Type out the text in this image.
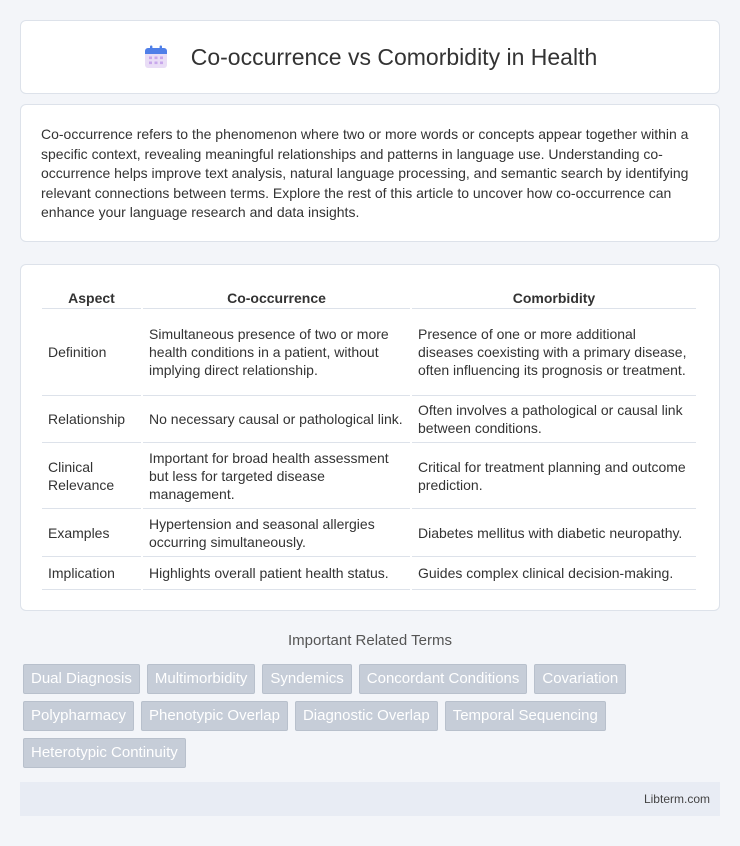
Co-occurrence vs Comorbidity in Health

Co-occurrence refers to the phenomenon where two or more words or concepts appear together within a specific context, revealing meaningful relationships and patterns in language use. Understanding co-occurrence helps improve text analysis, natural language processing, and semantic search by identifying relevant connections between terms. Explore the rest of this article to uncover how co-occurrence can enhance your language research and data insights.

Aspect	Co-occurrence	Comorbidity
Definition	Simultaneous presence of two or more health conditions in a patient, without implying direct relationship.	Presence of one or more additional diseases coexisting with a primary disease, often influencing its prognosis or treatment.
Relationship	No necessary causal or pathological link.	Often involves a pathological or causal link between conditions.
Clinical Relevance	Important for broad health assessment but less for targeted disease management.	Critical for treatment planning and outcome prediction.
Examples	Hypertension and seasonal allergies occurring simultaneously.	Diabetes mellitus with diabetic neuropathy.
Implication	Highlights overall patient health status.	Guides complex clinical decision-making.
Important Related Terms
Dual Diagnosis	Multimorbidity	Syndemics	Concordant Conditions	Covariation
Polypharmacy	Phenotypic Overlap	Diagnostic Overlap	Temporal Sequencing
Heterotypic Continuity
Libterm.com
